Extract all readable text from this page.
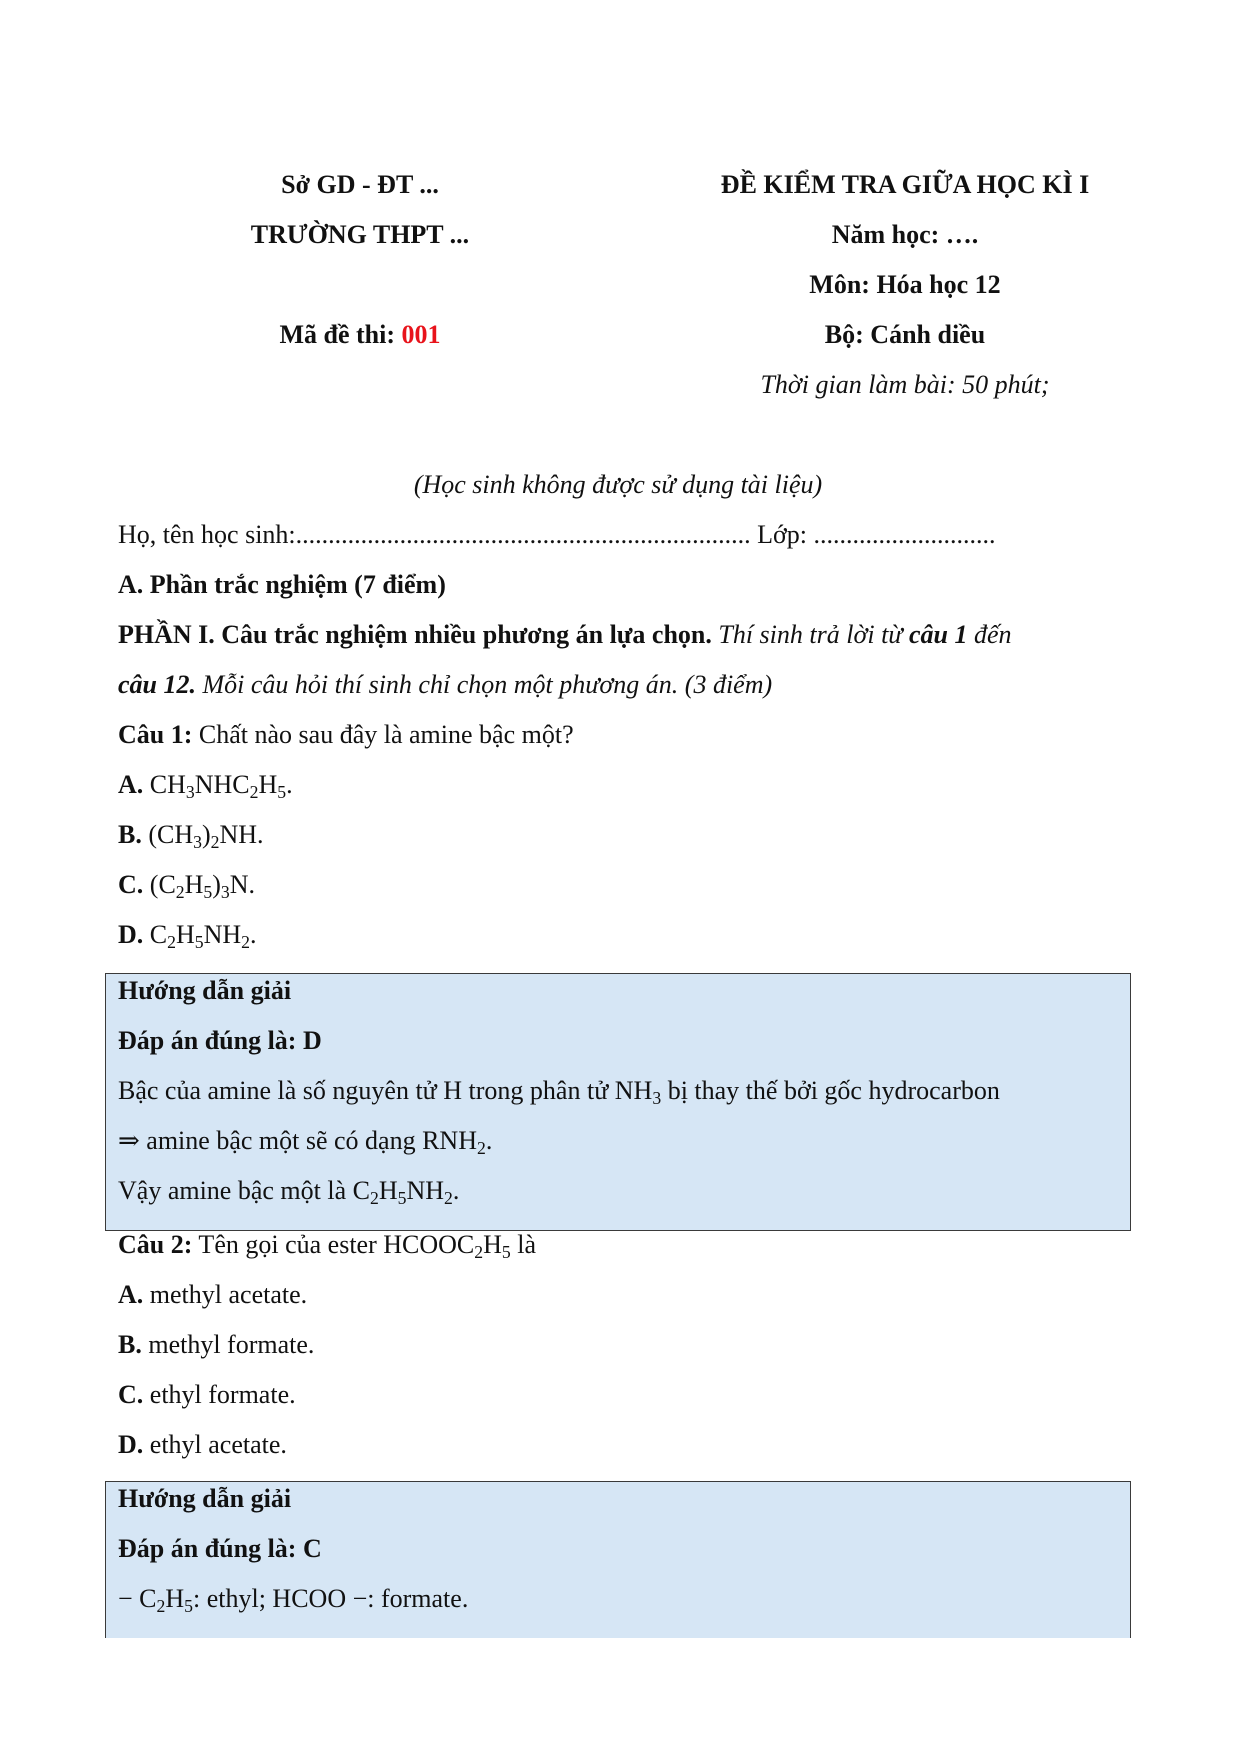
Sở GD - ĐT ...
TRƯỜNG THPT ...
Mã đề thi: 001
ĐỀ KIỂM TRA GIỮA HỌC KÌ I
Năm học: ….
Môn: Hóa học 12
Bộ: Cánh diều
Thời gian làm bài: 50 phút;
(Học sinh không được sử dụng tài liệu)
Họ, tên học sinh:...................................................................... Lớp: ............................
A. Phần trắc nghiệm (7 điểm)
PHẦN I. Câu trắc nghiệm nhiều phương án lựa chọn. Thí sinh trả lời từ câu 1 đến
câu 12. Mỗi câu hỏi thí sinh chỉ chọn một phương án. (3 điểm)
Câu 1: Chất nào sau đây là amine bậc một?
A. $CH_3NHC_2H_5$.
B. $(CH_3)_2NH$.
C. $(C_2H_5)_3N$.
D. $C_2H_5NH_2$.
Hướng dẫn giải
Đáp án đúng là: D
Bậc của amine là số nguyên tử H trong phân tử $NH_3$ bị thay thế bởi gốc hydrocarbon
⇒ amine bậc một sẽ có dạng $RNH_2$.
Vậy amine bậc một là $C_2H_5NH_2$.
Câu 2: Tên gọi của ester $HCOOC_2H_5$ là
A. methyl acetate.
B. methyl formate.
C. ethyl formate.
D. ethyl acetate.
Hướng dẫn giải
Đáp án đúng là: C
− $C_2H_5$: ethyl; HCOO −: formate.
